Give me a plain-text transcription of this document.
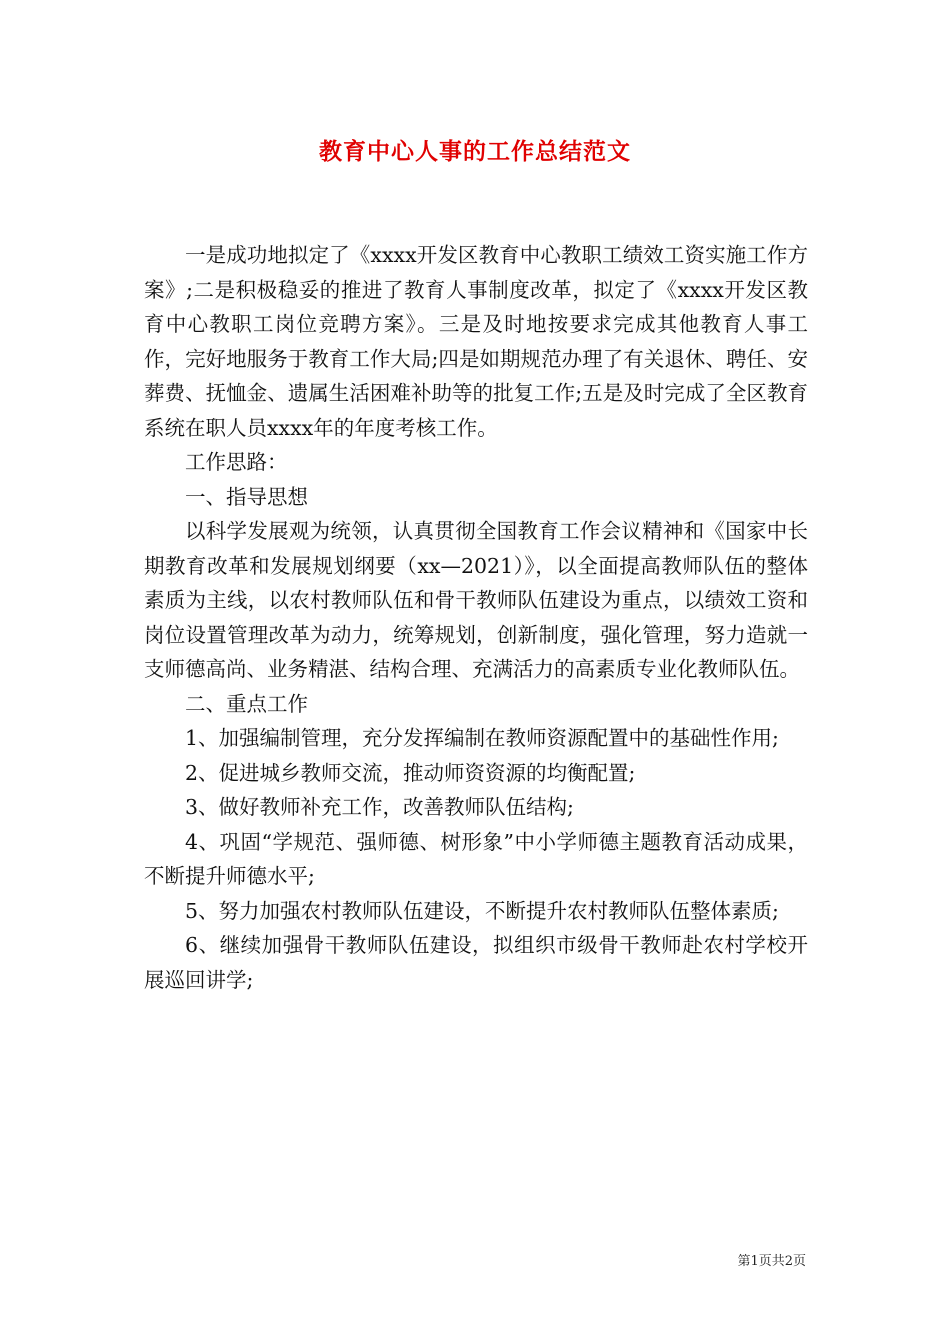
教育中心人事的工作总结范文

一是成功地拟定了《xxxx开发区教育中心教职工绩效工资实施工作方案》;二是积极稳妥的推进了教育人事制度改革，拟定了《xxxx开发区教育中心教职工岗位竞聘方案》。三是及时地按要求完成其他教育人事工作，完好地服务于教育工作大局;四是如期规范办理了有关退休、聘任、安葬费、抚恤金、遗属生活困难补助等的批复工作;五是及时完成了全区教育系统在职人员xxxx年的年度考核工作。

工作思路：

一、指导思想

以科学发展观为统领，认真贯彻全国教育工作会议精神和《国家中长期教育改革和发展规划纲要（xx—2021）》，以全面提高教师队伍的整体素质为主线，以农村教师队伍和骨干教师队伍建设为重点，以绩效工资和岗位设置管理改革为动力，统筹规划，创新制度，强化管理，努力造就一支师德高尚、业务精湛、结构合理、充满活力的高素质专业化教师队伍。

二、重点工作

1、加强编制管理，充分发挥编制在教师资源配置中的基础性作用;

2、促进城乡教师交流，推动师资资源的均衡配置;

3、做好教师补充工作，改善教师队伍结构;

4、巩固“学规范、强师德、树形象”中小学师德主题教育活动成果，不断提升师德水平;

5、努力加强农村教师队伍建设，不断提升农村教师队伍整体素质;

6、继续加强骨干教师队伍建设，拟组织市级骨干教师赴农村学校开展巡回讲学;

第1页共2页
